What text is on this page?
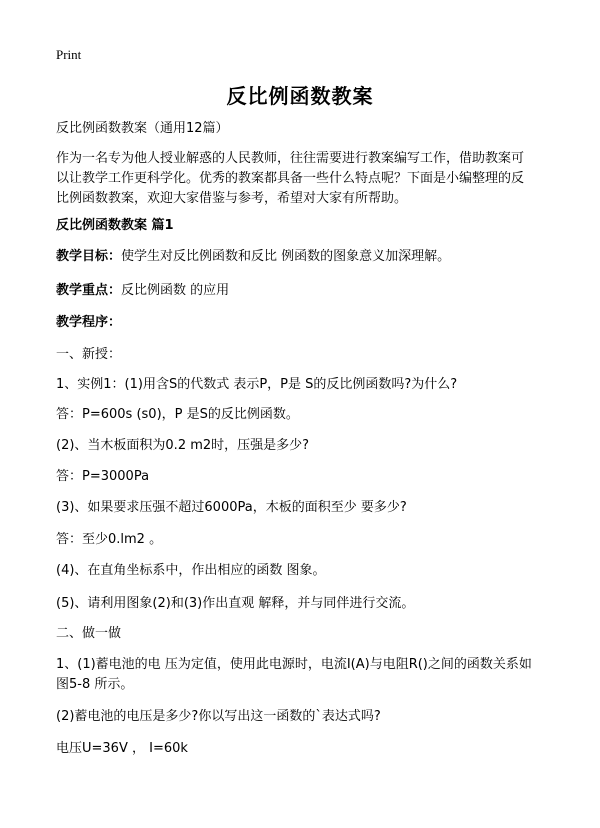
Print
反比例函数教案
反比例函数教案（通用12篇）
作为一名专为他人授业解惑的人民教师，往往需要进行教案编写工作，借助教案可
以让教学工作更科学化。优秀的教案都具备一些什么特点呢？下面是小编整理的反
比例函数教案，欢迎大家借鉴与参考，希望对大家有所帮助。
反比例函数教案 篇1
教学目标：使学生对反比例函数和反比 例函数的图象意义加深理解。
教学重点：反比例函数 的应用
教学程序：
一、新授：
1、实例1：(1)用含S的代数式 表示P，P是 S的反比例函数吗?为什么?
答：P=600s (s0)，P 是S的反比例函数。
(2)、当木板面积为0.2 m2时，压强是多少?
答：P=3000Pa
(3)、如果要求压强不超过6000Pa，木板的面积至少 要多少?
答：至少0.lm2 。
(4)、在直角坐标系中，作出相应的函数 图象。
(5)、请利用图象(2)和(3)作出直观 解释，并与同伴进行交流。
二、做一做
1、(1)蓄电池的电 压为定值，使用此电源时，电流I(A)与电阻R()之间的函数关系如
图5-8 所示。
(2)蓄电池的电压是多少?你以写出这一函数的`表达式吗?
电压U=36V ， I=60k
